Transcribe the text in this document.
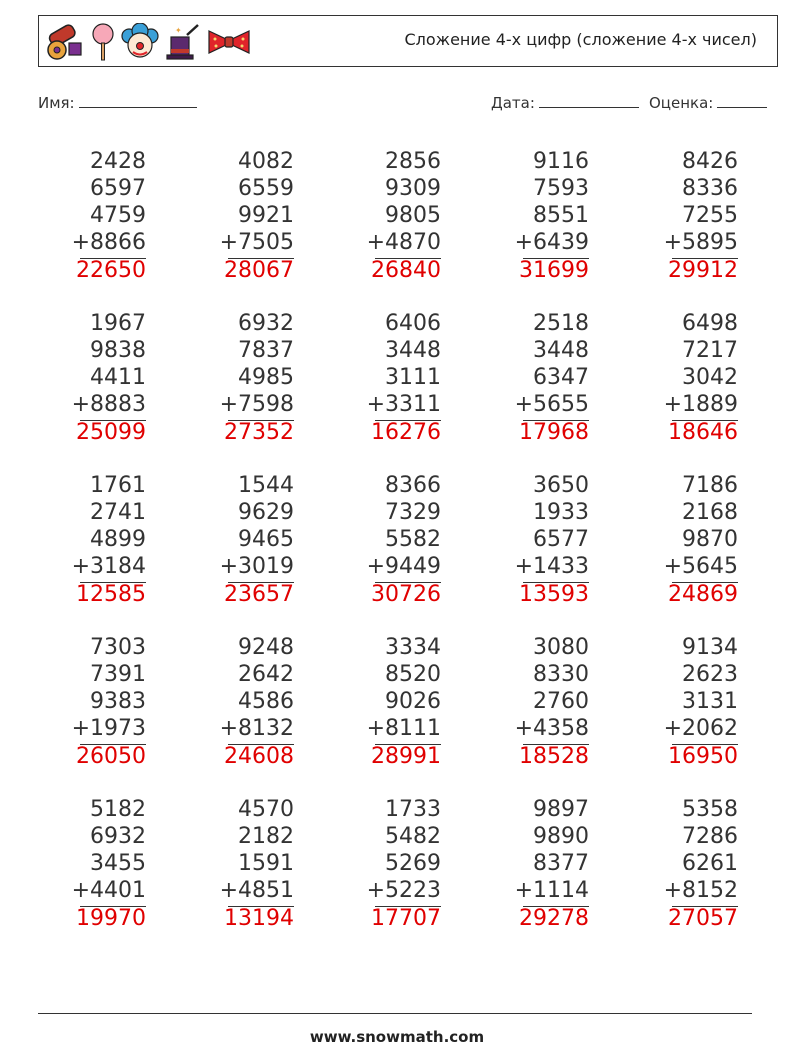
✦	Сложение 4-х цифр (сложение 4-х чисел)
Имя:	Дата:	Оценка:
2428
6597
4759
+8866
22650
4082
6559
9921
+7505
28067
2856
9309
9805
+4870
26840
9116
7593
8551
+6439
31699
8426
8336
7255
+5895
29912
1967
9838
4411
+8883
25099
6932
7837
4985
+7598
27352
6406
3448
3111
+3311
16276
2518
3448
6347
+5655
17968
6498
7217
3042
+1889
18646
1761
2741
4899
+3184
12585
1544
9629
9465
+3019
23657
8366
7329
5582
+9449
30726
3650
1933
6577
+1433
13593
7186
2168
9870
+5645
24869
7303
7391
9383
+1973
26050
9248
2642
4586
+8132
24608
3334
8520
9026
+8111
28991
3080
8330
2760
+4358
18528
9134
2623
3131
+2062
16950
5182
6932
3455
+4401
19970
4570
2182
1591
+4851
13194
1733
5482
5269
+5223
17707
9897
9890
8377
+1114
29278
5358
7286
6261
+8152
27057
www.snowmath.com
